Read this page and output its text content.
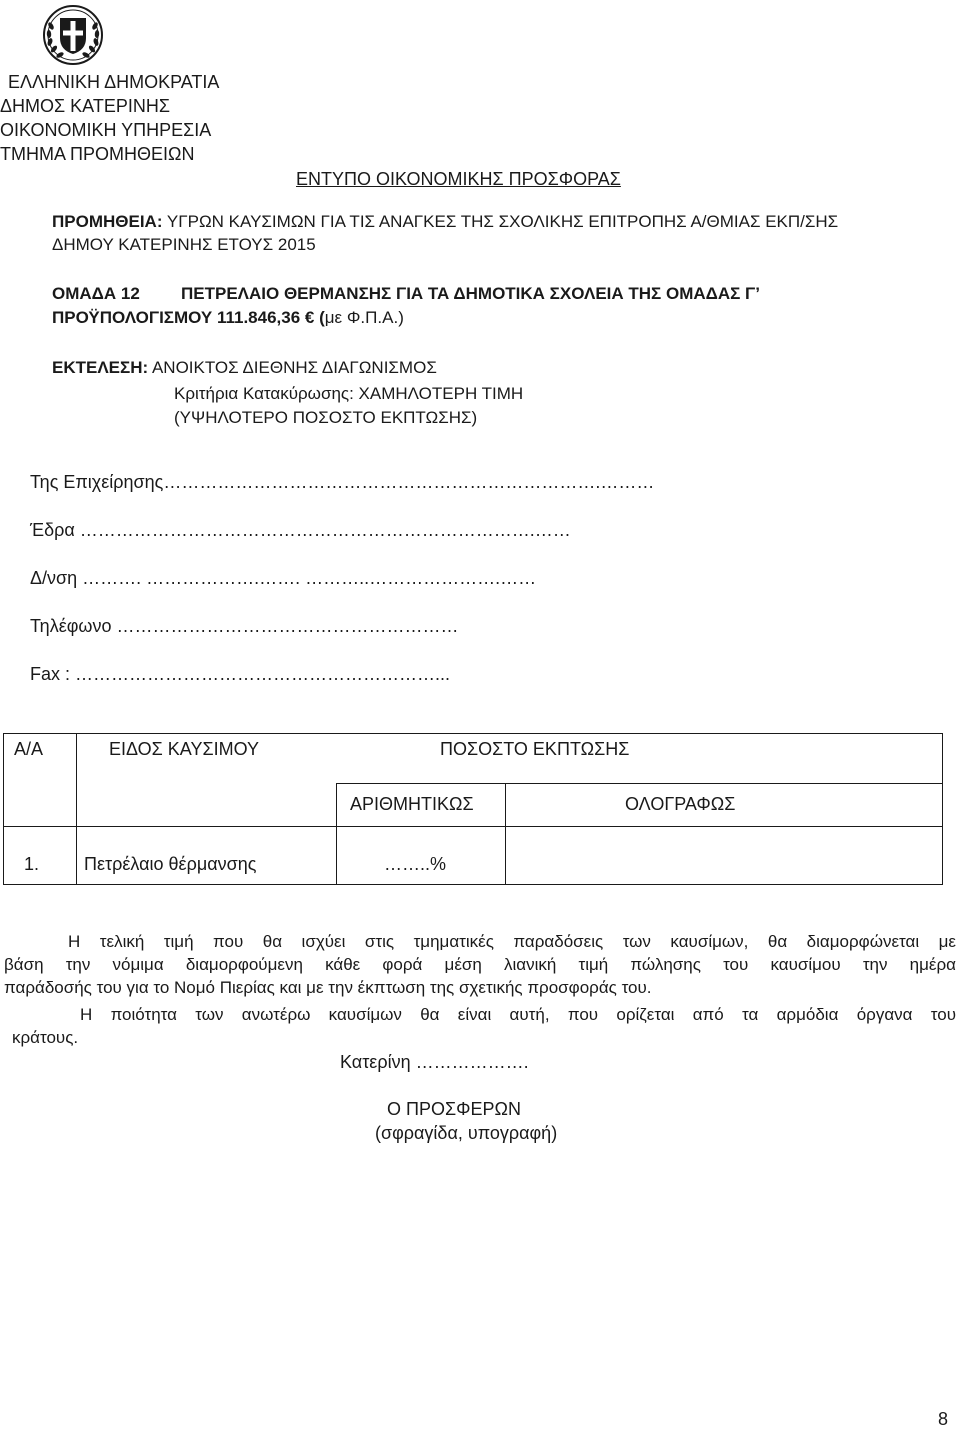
ΕΛΛΗΝΙΚΗ ΔΗΜΟΚΡΑΤΙΑ
ΔΗΜΟΣ ΚΑΤΕΡΙΝΗΣ
ΟΙΚΟΝΟΜΙΚΗ ΥΠΗΡΕΣΙΑ
ΤΜΗΜΑ ΠΡΟΜΗΘΕΙΩΝ
ΕΝΤΥΠΟ ΟΙΚΟΝΟΜΙΚΗΣ ΠΡΟΣΦΟΡΑΣ
ΠΡΟΜΗΘΕΙΑ: ΥΓΡΩΝ ΚΑΥΣΙΜΩΝ ΓΙΑ ΤΙΣ ΑΝΑΓΚΕΣ ΤΗΣ ΣΧΟΛΙΚΗΣ ΕΠΙΤΡΟΠΗΣ Α/ΘΜΙΑΣ ΕΚΠ/ΣΗΣ
ΔΗΜΟΥ ΚΑΤΕΡΙΝΗΣ ΕΤΟΥΣ 2015
ΟΜΑΔΑ 12 ΠΕΤΡΕΛΑΙΟ ΘΕΡΜΑΝΣΗΣ ΓΙΑ ΤΑ ΔΗΜΟΤΙΚΑ ΣΧΟΛΕΙΑ ΤΗΣ ΟΜΑΔΑΣ Γ’
ΠΡΟΫΠΟΛΟΓΙΣΜΟΥ 111.846,36 € (με Φ.Π.Α.)
ΕΚΤΕΛΕΣΗ: ΑΝΟΙΚΤΟΣ ΔΙΕΘΝΗΣ ΔΙΑΓΩΝΙΣΜΟΣ
Κριτήρια Κατακύρωσης: ΧΑΜΗΛΟΤΕΡΗ ΤΙΜΗ
(ΥΨΗΛΟΤΕΡΟ ΠΟΣΟΣΤΟ ΕΚΠΤΩΣΗΣ)
Της Επιχείρησης……………………………………………………………….………
Έδρα ………………………………………………………………….……
Δ/νση ………. ……………….……. ………..………………….……
Τηλέφωνο …………………………………………………
Fax : ……………………………………………………...
Α/Α	ΕΙΔΟΣ ΚΑΥΣΙΜΟΥ	ΠΟΣΟΣΤΟ ΕΚΠΤΩΣΗΣ
ΑΡΙΘΜΗΤΙΚΩΣ	ΟΛΟΓΡΑΦΩΣ
1. Πετρέλαιο θέρμανσης	……..%
Η τελική τιμή που θα ισχύει στις τμηματικές παραδόσεις των καυσίμων, θα διαμορφώνεται με
βάση την νόμιμα διαμορφούμενη κάθε φορά μέση λιανική τιμή πώλησης του καυσίμου την ημέρα
παράδοσής του για το Νομό Πιερίας και με την έκπτωση της σχετικής προσφοράς του.
Η ποιότητα των ανωτέρω καυσίμων θα είναι αυτή, που ορίζεται από τα αρμόδια όργανα του
κράτους.
Κατερίνη ……………….
Ο ΠΡΟΣΦΕΡΩΝ
(σφραγίδα, υπογραφή)
8
